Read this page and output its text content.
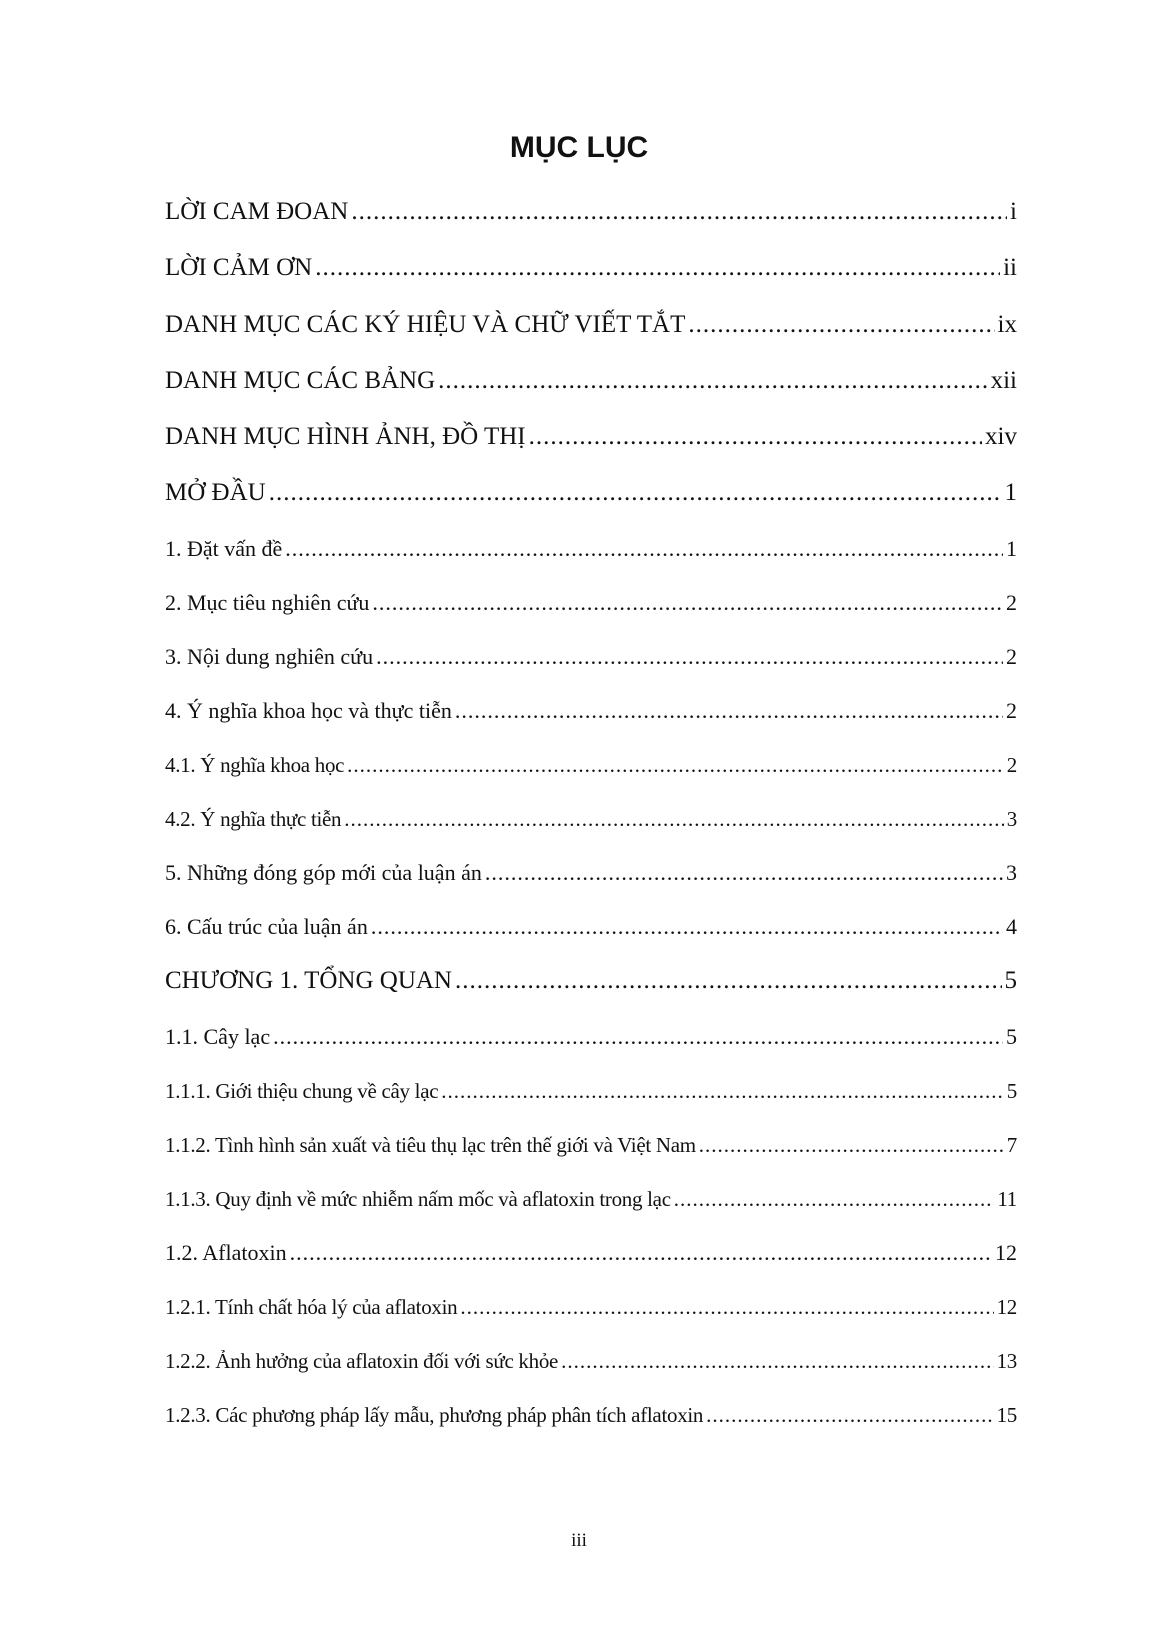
MỤC LỤC
LỜI CAM ĐOAN .....	i
LỜI CẢM ƠN .....	ii
DANH MỤC CÁC KÝ HIỆU VÀ CHỮ VIẾT TẮT .....	ix
DANH MỤC CÁC BẢNG .....	xii
DANH MỤC HÌNH ẢNH, ĐỒ THỊ .....	xiv
MỞ ĐẦU .....	1
1. Đặt vấn đề .....	1
2. Mục tiêu nghiên cứu .....	2
3. Nội dung nghiên cứu .....	2
4. Ý nghĩa khoa học và thực tiễn .....	2
4.1. Ý nghĩa khoa học .....	2
4.2. Ý nghĩa thực tiễn .....	3
5. Những đóng góp mới của luận án .....	3
6. Cấu trúc của luận án .....	4
CHƯƠNG 1. TỔNG QUAN .....	5
1.1. Cây lạc .....	5
1.1.1. Giới thiệu chung về cây lạc .....	5
1.1.2. Tình hình sản xuất và tiêu thụ lạc trên thế giới và Việt Nam .....	7
1.1.3. Quy định về mức nhiễm nấm mốc và aflatoxin trong lạc .....	11
1.2. Aflatoxin .....	12
1.2.1. Tính chất hóa lý của aflatoxin .....	12
1.2.2. Ảnh hưởng của aflatoxin đối với sức khỏe .....	13
1.2.3. Các phương pháp lấy mẫu, phương pháp phân tích aflatoxin .....	15
iii
